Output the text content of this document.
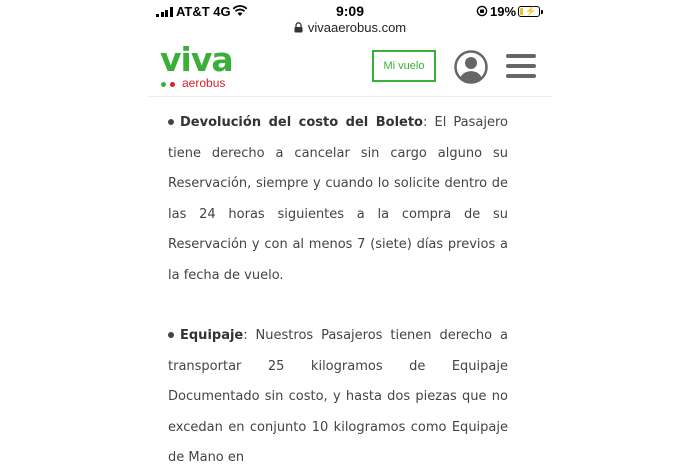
AT&T 4G	9:09	19% ⚡
vivaaerobus.com
viva
aerobus
Mi vuelo

Devolución del costo del Boleto: El Pasajero tiene derecho a cancelar sin cargo alguno su Reservación, siempre y cuando lo solicite dentro de las 24 horas siguientes a la compra de su Reservación y con al menos 7 (siete) días previos a la fecha de vuelo.

Equipaje: Nuestros Pasajeros tienen derecho a transportar 25 kilogramos de Equipaje Documentado sin costo, y hasta dos piezas que no excedan en conjunto 10 kilogramos como Equipaje de Mano en
